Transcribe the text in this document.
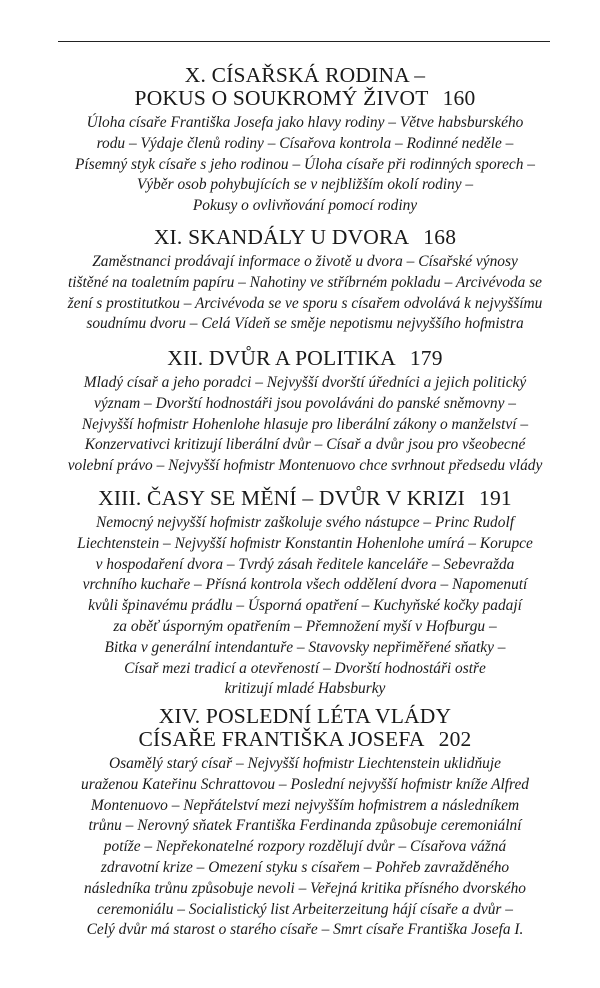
X. CÍSAŘSKÁ RODINA –
POKUS O SOUKROMÝ ŽIVOT 160
Úloha císaře Františka Josefa jako hlavy rodiny – Větve habsburského
rodu – Výdaje členů rodiny – Císařova kontrola – Rodinné neděle –
Písemný styk císaře s jeho rodinou – Úloha císaře při rodinných sporech –
Výběr osob pohybujících se v nejbližším okolí rodiny –
Pokusy o ovlivňování pomocí rodiny
XI. SKANDÁLY U DVORA 168
Zaměstnanci prodávají informace o životě u dvora – Císařské výnosy
tištěné na toaletním papíru – Nahotiny ve stříbrném pokladu – Arcivévoda se
žení s prostitutkou – Arcivévoda se ve sporu s císařem odvolává k nejvyššímu
soudnímu dvoru – Celá Vídeň se směje nepotismu nejvyššího hofmistra
XII. DVŮR A POLITIKA 179
Mladý císař a jeho poradci – Nejvyšší dvorští úředníci a jejich politický
význam – Dvorští hodnostáři jsou povoláváni do panské sněmovny –
Nejvyšší hofmistr Hohenlohe hlasuje pro liberální zákony o manželství –
Konzervativci kritizují liberální dvůr – Císař a dvůr jsou pro všeobecné
volební právo – Nejvyšší hofmistr Montenuovo chce svrhnout předsedu vlády
XIII. ČASY SE MĚNÍ – DVŮR V KRIZI 191
Nemocný nejvyšší hofmistr zaškoluje svého nástupce – Princ Rudolf
Liechtenstein – Nejvyšší hofmistr Konstantin Hohenlohe umírá – Korupce
v hospodaření dvora – Tvrdý zásah ředitele kanceláře – Sebevražda
vrchního kuchaře – Přísná kontrola všech oddělení dvora – Napomenutí
kvůli špinavému prádlu – Úsporná opatření – Kuchyňské kočky padají
za oběť úsporným opatřením – Přemnožení myší v Hofburgu –
Bitka v generální intendantuře – Stavovsky nepřiměřené sňatky –
Císař mezi tradicí a otevřeností – Dvorští hodnostáři ostře
kritizují mladé Habsburky
XIV. POSLEDNÍ LÉTA VLÁDY
CÍSAŘE FRANTIŠKA JOSEFA 202
Osamělý starý císař – Nejvyšší hofmistr Liechtenstein uklidňuje
uraženou Kateřinu Schrattovou – Poslední nejvyšší hofmistr kníže Alfred
Montenuovo – Nepřátelství mezi nejvyšším hofmistrem a následníkem
trůnu – Nerovný sňatek Františka Ferdinanda způsobuje ceremoniální
potíže – Nepřekonatelné rozpory rozdělují dvůr – Císařova vážná
zdravotní krize – Omezení styku s císařem – Pohřeb zavražděného
následníka trůnu způsobuje nevoli – Veřejná kritika přísného dvorského
ceremoniálu – Socialistický list Arbeiterzeitung hájí císaře a dvůr –
Celý dvůr má starost o starého císaře – Smrt císaře Františka Josefa I.
